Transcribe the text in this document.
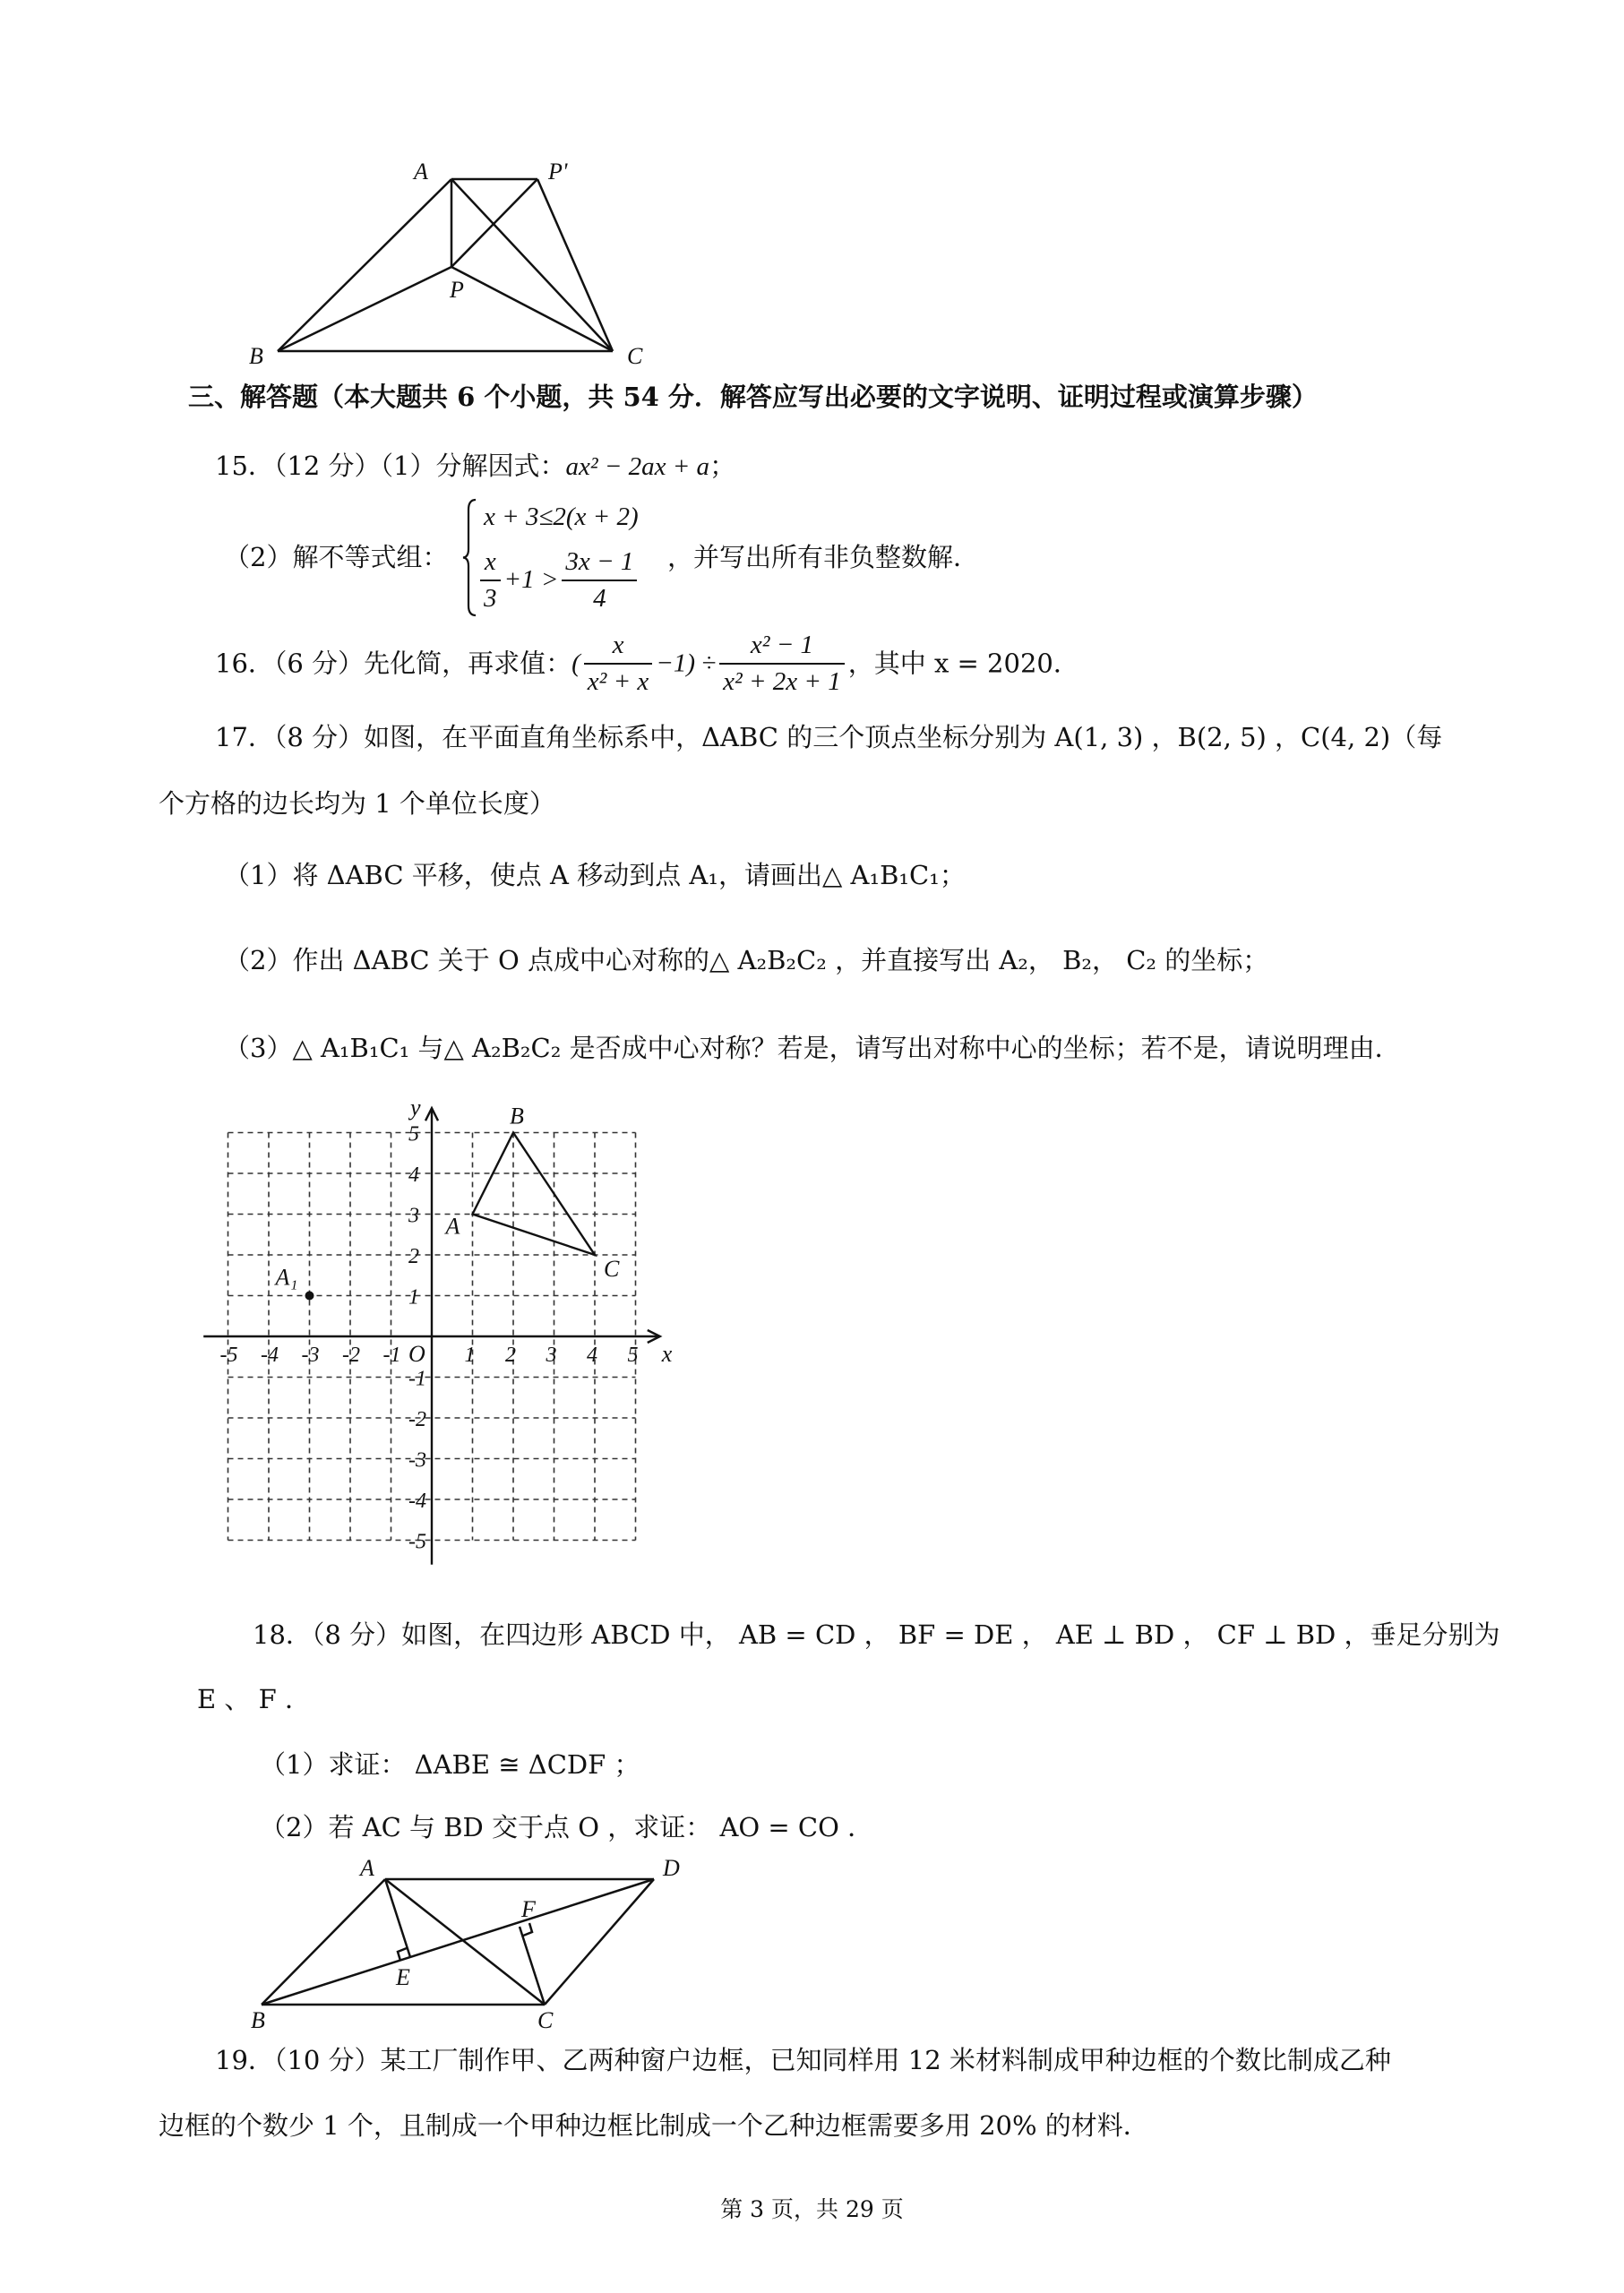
A	P'
P
B	C
三、解答题（本大题共 6 个小题，共 54 分．解答应写出必要的文字说明、证明过程或演算步骤）
15．（12 分）（1）分解因式：ax² − 2ax + a；
（2）解不等式组：
x + 3≤2(x + 2)
$\frac{x}{3} +1 > \frac{3x - 1}{4}$ ，并写出所有非负整数解．
16．（6 分）先化简，再求值：( $\frac{x}{\text{x² + x}} -1) \div \frac{\text{x² − 1}}{\text{x² + 2x + 1}}$ ，其中 x = 2020．
17．（8 分）如图，在平面直角坐标系中，ΔABC 的三个顶点坐标分别为 A(1, 3) ，B(2, 5) ，C(4, 2)（每
个方格的边长均为 1 个单位长度）
（1）将 ΔABC 平移，使点 A 移动到点 A₁，请画出△ A₁B₁C₁；
（2）作出 ΔABC 关于 O 点成中心对称的△ A₂B₂C₂ ，并直接写出 A₂， B₂， C₂ 的坐标；
（3）△ A₁B₁C₁ 与△ A₂B₂C₂ 是否成中心对称？若是，请写出对称中心的坐标；若不是，请说明理由．
-5 -4 -3 -2 -1	1 2 3 4 5
5
4
3
2
1
-1
-2
-3
-4
-5
x
y
O
A
B
C
A₁
18．（8 分）如图，在四边形 ABCD 中， AB = CD ， BF = DE ， AE ⊥ BD ， CF ⊥ BD ，垂足分别为
E 、 F ．
（1）求证： ΔABE ≅ ΔCDF ；
（2）若 AC 与 BD 交于点 O ，求证： AO = CO ．
A	D
F
E
B	C
19．（10 分）某工厂制作甲、乙两种窗户边框，已知同样用 12 米材料制成甲种边框的个数比制成乙种
边框的个数少 1 个，且制成一个甲种边框比制成一个乙种边框需要多用 20% 的材料．
第 3 页，共 29 页
